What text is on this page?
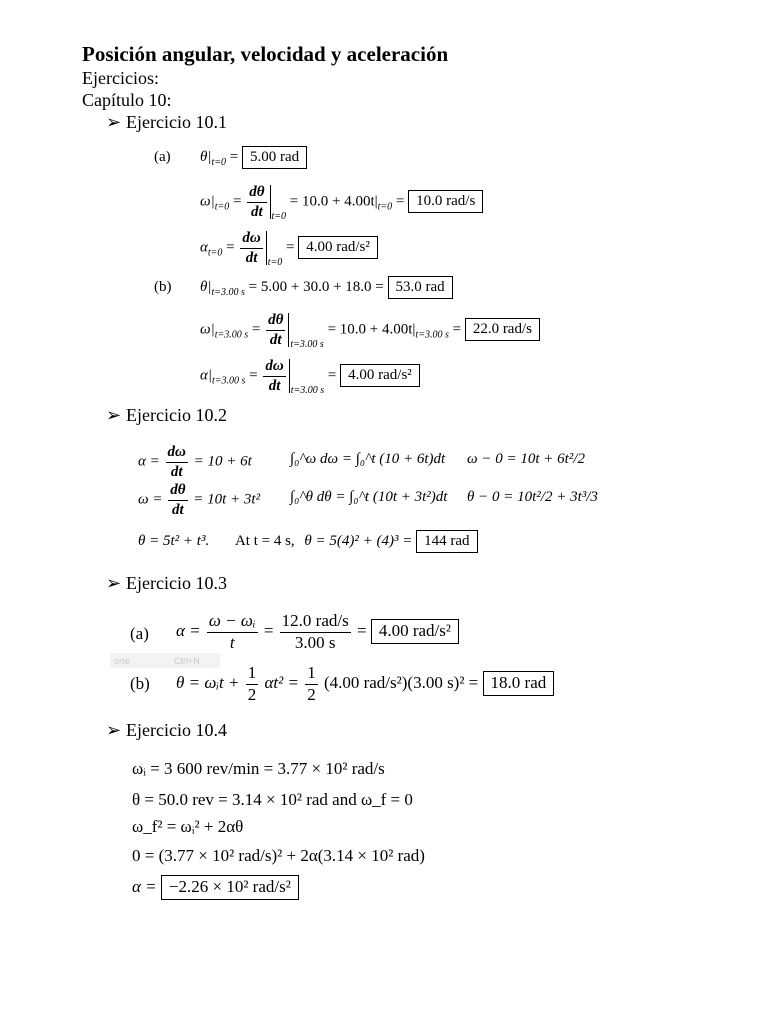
Posición angular, velocidad y aceleración
Ejercicios:
Capítulo 10:
➢ Ejercicio 10.1
(a) $\theta|_{t=0} = 5.00$ rad
$\omega|_{t=0} = \frac{d\theta}{dt} _{t=0} = 10.0 + 4.00t|_{t=0} = 10.0$ rad/s
$\alpha_{t=0} = \frac{d\omega}{dt} _{t=0} = 4.00$ rad/s²
(b) $\theta|_{t=3.00 s} = 5.00 + 30.0 + 18.0 = 53.0$ rad
$\omega|_{t=3.00 s} = \frac{d\theta}{dt} _{t=3.00 s} = 10.0 + 4.00t|_{t=3.00 s} = 22.0$ rad/s
$\alpha|_{t=3.00 s} = \frac{d\omega}{dt} _{t=3.00 s} = 4.00$ rad/s²
➢ Ejercicio 10.2
$\alpha = \frac{d\omega}{dt} = 10 + 6t$	∫₀^ω dω = ∫₀^t (10 + 6t)dt ω − 0 = 10t + 6t²/2
$\omega = \frac{d\theta}{dt} = 10t + 3t^2$ ∫₀^θ dθ = ∫₀^t (10t + 3t²)dt θ − 0 = 10t²/2 + 3t³/3
θ = 5t² + t³. At t = 4 s, θ = 5(4)² + (4)³ = 144 rad
➢ Ejercicio 10.3
(a) $\alpha = \frac{\text{ω − ωᵢ}}{t} = \frac{\text{12.0 rad/s}}{3.00 s} = 4.00$ rad/s²
orte	Ctrl+N
(b) θ = ωᵢt + $\frac{1}{2} \alpha t^2 = \frac{1}{2} (4.00$ rad/s²)(3.00 s)² = 18.0 rad
➢ Ejercicio 10.4
ωᵢ = 3 600 rev/min = 3.77 × 10² rad/s
θ = 50.0 rev = 3.14 × 10² rad and ω_f = 0
ω_f² = ωᵢ² + 2αθ
0 = (3.77 × 10² rad/s)² + 2α(3.14 × 10² rad)
α = −2.26 × 10² rad/s²
